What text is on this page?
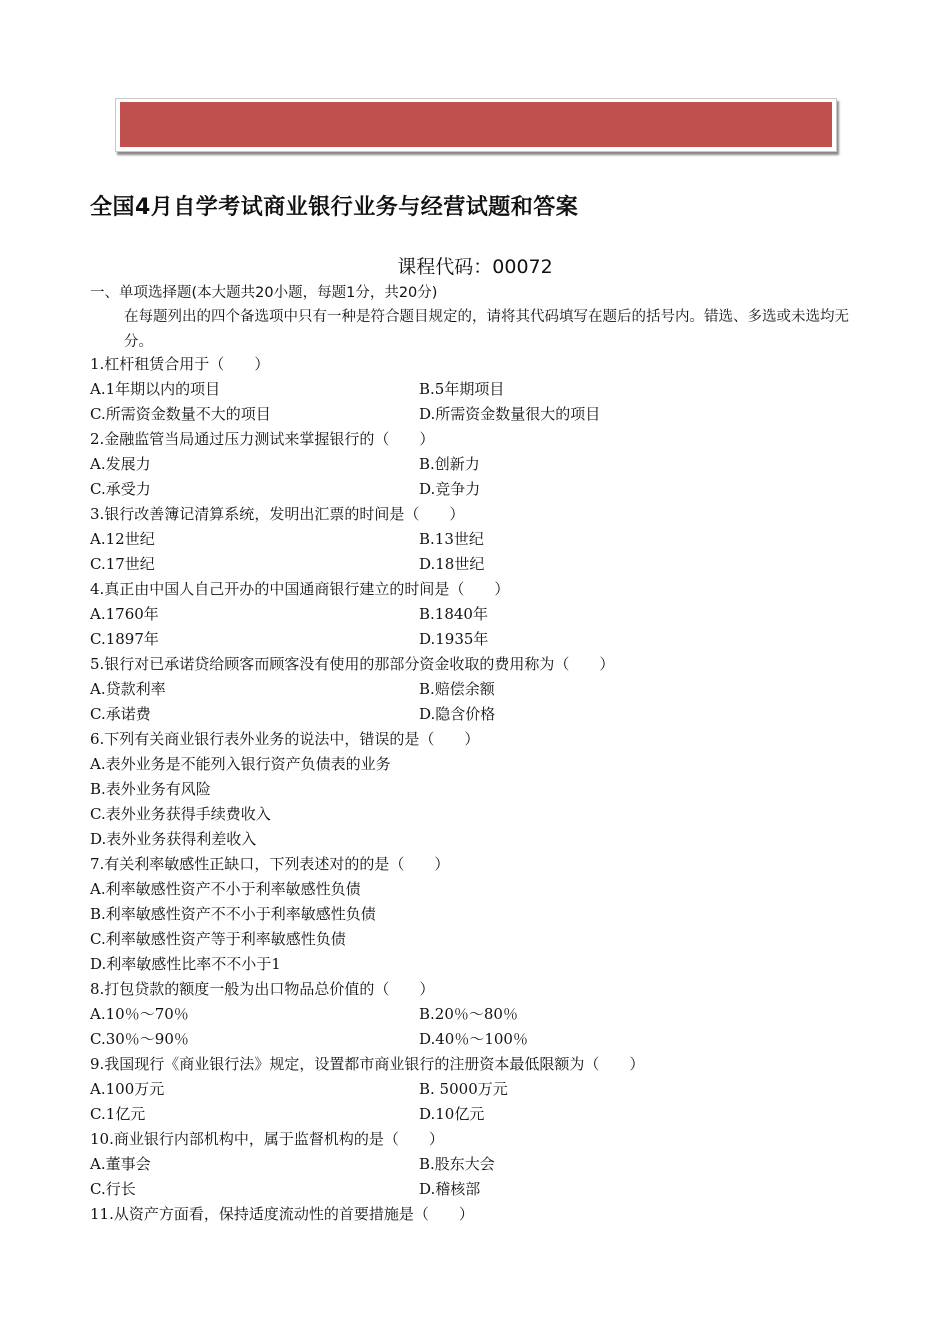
全国4月自学考试商业银行业务与经营试题和答案
课程代码：00072
一、单项选择题(本大题共20小题，每题1分，共20分)
在每题列出的四个备选项中只有一种是符合题目规定的，请将其代码填写在题后的括号内。错选、多选或未选均无分。
1.杠杆租赁合用于（　　）
A.1年期以内的项目	B.5年期项目
C.所需资金数量不大的项目	D.所需资金数量很大的项目
2.金融监管当局通过压力测试来掌握银行的（　　）
A.发展力	B.创新力
C.承受力	D.竞争力
3.银行改善簿记清算系统，发明出汇票的时间是（　　）
A.12世纪	B.13世纪
C.17世纪	D.18世纪
4.真正由中国人自己开办的中国通商银行建立的时间是（　　）
A.1760年	B.1840年
C.1897年	D.1935年
5.银行对已承诺贷给顾客而顾客没有使用的那部分资金收取的费用称为（　　）
A.贷款利率	B.赔偿余额
C.承诺费	D.隐含价格
6.下列有关商业银行表外业务的说法中，错误的是（　　）
A.表外业务是不能列入银行资产负债表的业务
B.表外业务有风险
C.表外业务获得手续费收入
D.表外业务获得利差收入
7.有关利率敏感性正缺口，下列表述对的的是（　　）
A.利率敏感性资产不小于利率敏感性负债
B.利率敏感性资产不不小于利率敏感性负债
C.利率敏感性资产等于利率敏感性负债
D.利率敏感性比率不不小于1
8.打包贷款的额度一般为出口物品总价值的（　　）
A.10％～70％	B.20％～80％
C.30％～90％	D.40％～100％
9.我国现行《商业银行法》规定，设置都市商业银行的注册资本最低限额为（　　）
A.100万元	B. 5000万元
C.1亿元	D.10亿元
10.商业银行内部机构中，属于监督机构的是（　　）
A.董事会	B.股东大会
C.行长	D.稽核部
11.从资产方面看，保持适度流动性的首要措施是（　　）
